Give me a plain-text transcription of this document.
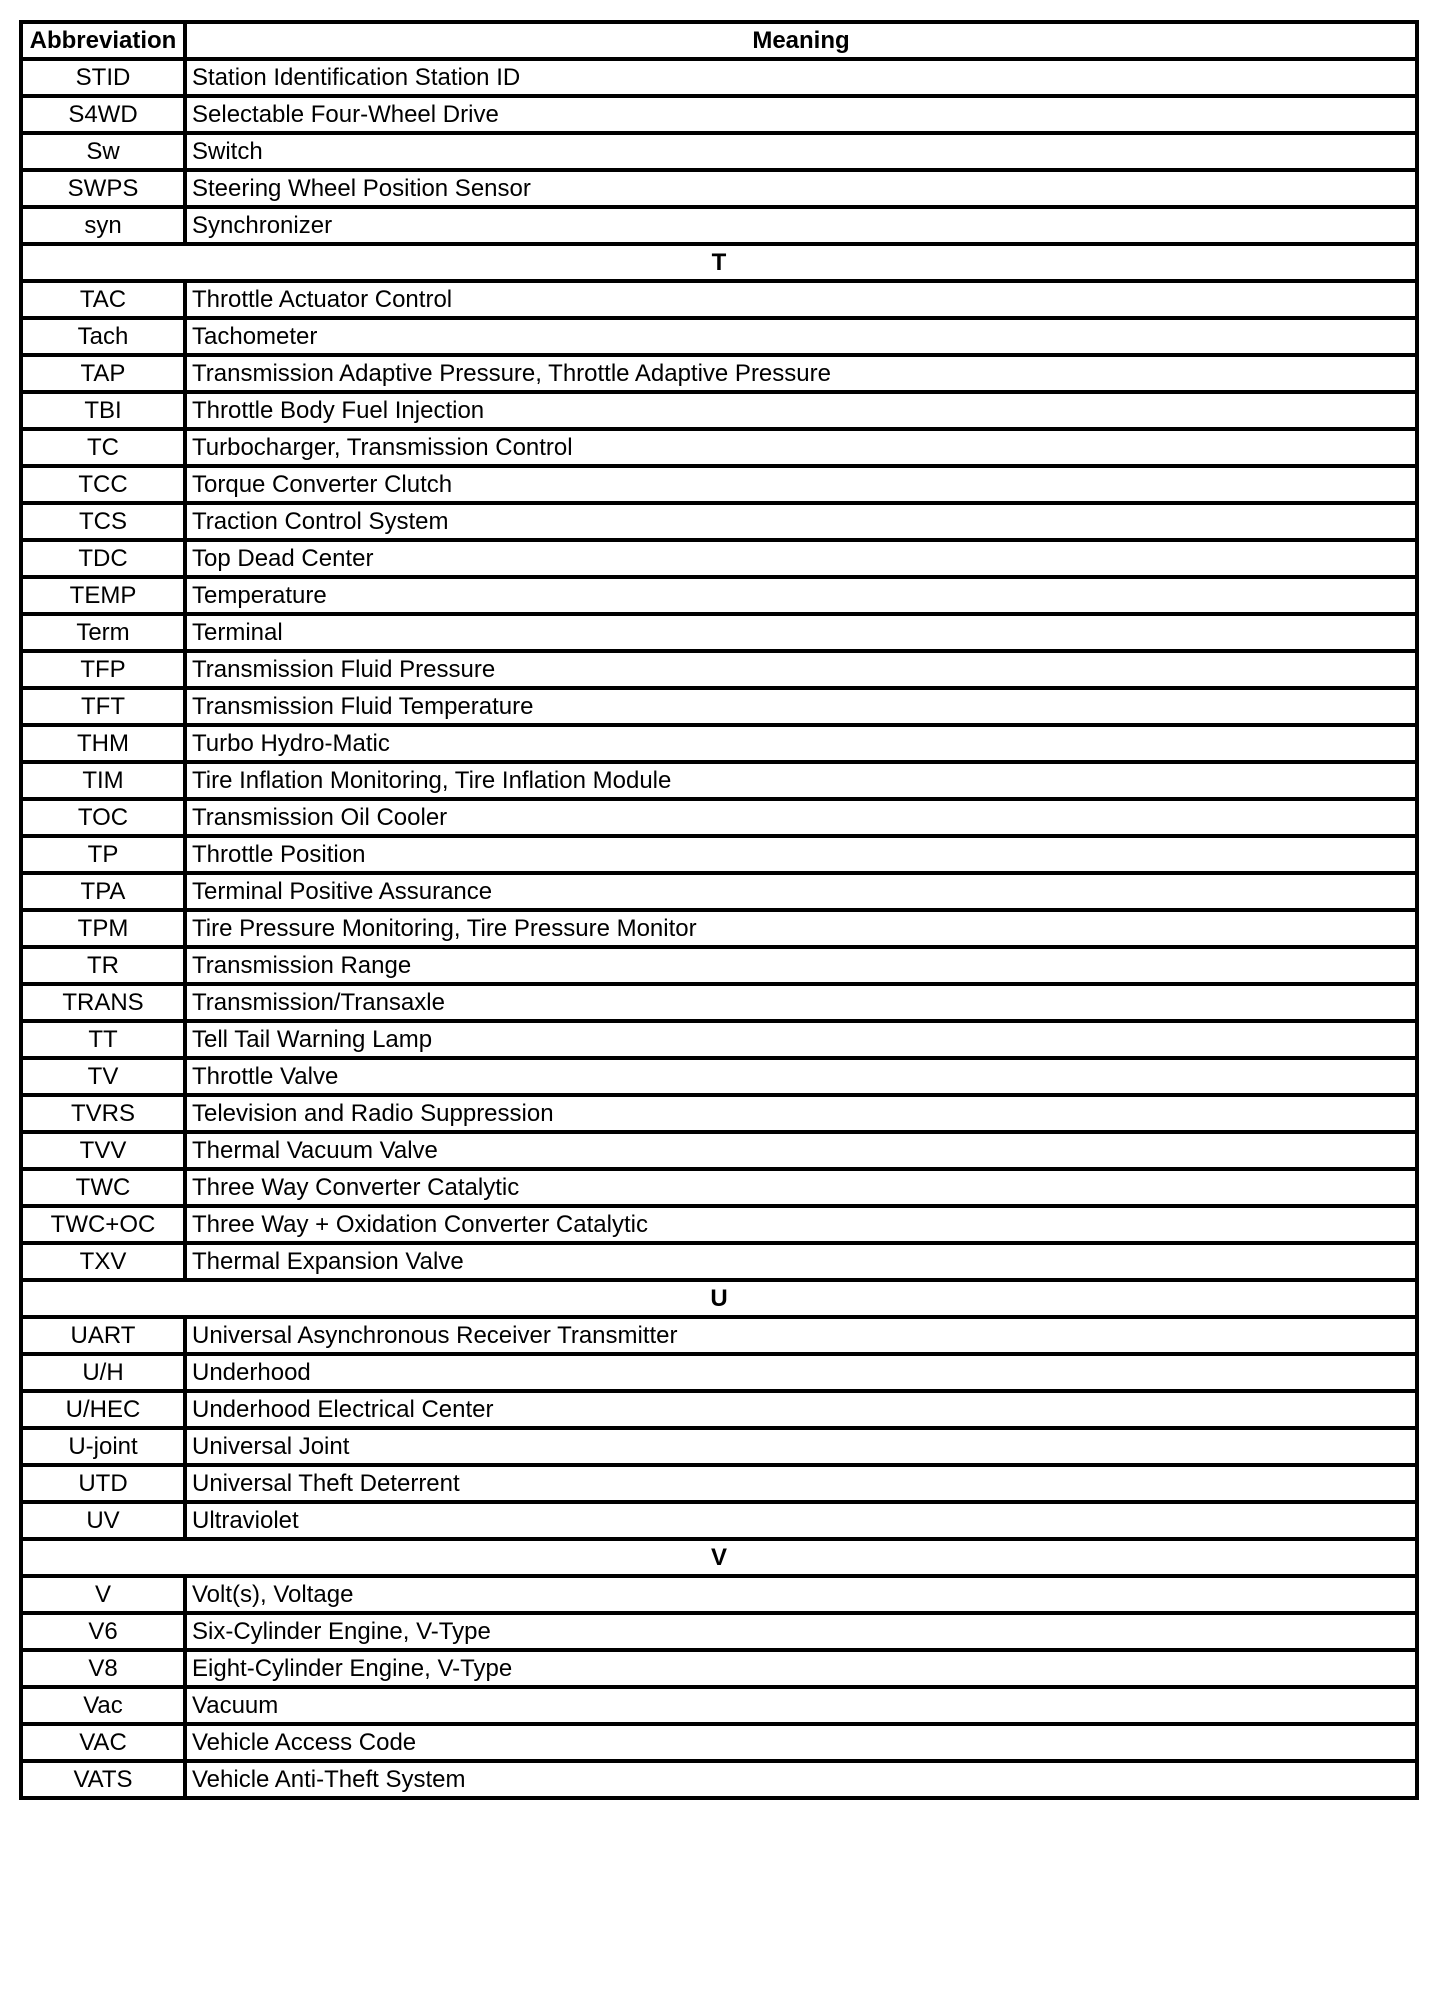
Abbreviation	Meaning
STID	Station Identification Station ID
S4WD	Selectable Four-Wheel Drive
Sw	Switch
SWPS	Steering Wheel Position Sensor
syn	Synchronizer
T	
TAC	Throttle Actuator Control
Tach	Tachometer
TAP	Transmission Adaptive Pressure, Throttle Adaptive Pressure
TBI	Throttle Body Fuel Injection
TC	Turbocharger, Transmission Control
TCC	Torque Converter Clutch
TCS	Traction Control System
TDC	Top Dead Center
TEMP	Temperature
Term	Terminal
TFP	Transmission Fluid Pressure
TFT	Transmission Fluid Temperature
THM	Turbo Hydro-Matic
TIM	Tire Inflation Monitoring, Tire Inflation Module
TOC	Transmission Oil Cooler
TP	Throttle Position
TPA	Terminal Positive Assurance
TPM	Tire Pressure Monitoring, Tire Pressure Monitor
TR	Transmission Range
TRANS	Transmission/Transaxle
TT	Tell Tail Warning Lamp
TV	Throttle Valve
TVRS	Television and Radio Suppression
TVV	Thermal Vacuum Valve
TWC	Three Way Converter Catalytic
TWC+OC	Three Way + Oxidation Converter Catalytic
TXV	Thermal Expansion Valve
U	
UART	Universal Asynchronous Receiver Transmitter
U/H	Underhood
U/HEC	Underhood Electrical Center
U-joint	Universal Joint
UTD	Universal Theft Deterrent
UV	Ultraviolet
V	
V	Volt(s), Voltage
V6	Six-Cylinder Engine, V-Type
V8	Eight-Cylinder Engine, V-Type
Vac	Vacuum
VAC	Vehicle Access Code
VATS	Vehicle Anti-Theft System
